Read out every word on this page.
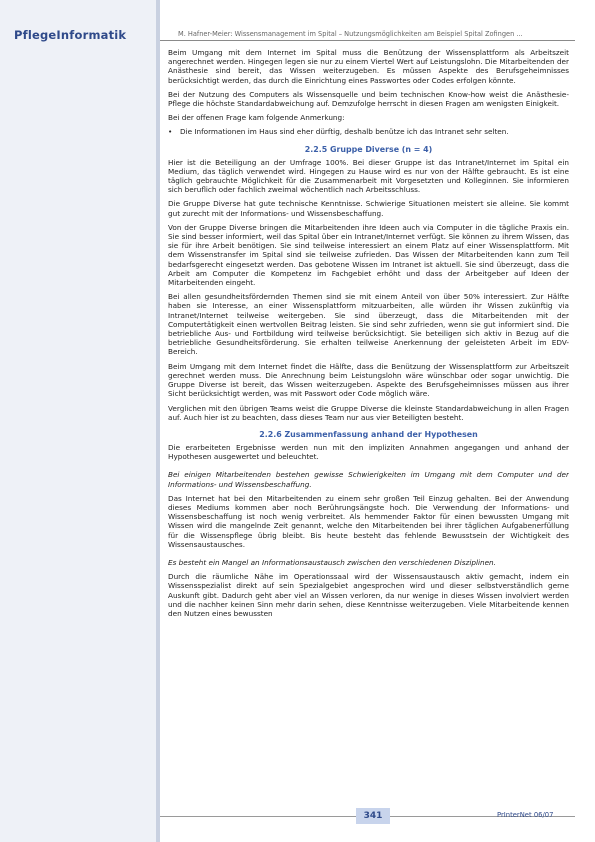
PflegeInformatik	M. Hafner-Meier: Wissensmanagement im Spital – Nutzungsmöglichkeiten am Beispiel Spital Zofingen ...

Beim Umgang mit dem Internet im Spital muss die Benützung der Wissensplattform als Arbeitszeit angerechnet werden. Hingegen legen sie nur zu einem Viertel Wert auf Leistungslohn. Die Mitarbeitenden der Anästhesie sind bereit, das Wissen weiterzugeben. Es müssen Aspekte des Berufsgeheimnisses berücksichtigt werden, das durch die Einrichtung eines Passwortes oder Codes erfolgen könnte.

Bei der Nutzung des Computers als Wissensquelle und beim technischen Know-how weist die Anästhesie-Pflege die höchste Standardabweichung auf. Demzufolge herrscht in diesen Fragen am wenigsten Einigkeit.

Bei der offenen Frage kam folgende Anmerkung:

•	Die Informationen im Haus sind eher dürftig, deshalb benütze ich das Intranet sehr selten.
2.2.5 Gruppe Diverse (n = 4)

Hier ist die Beteiligung an der Umfrage 100%. Bei dieser Gruppe ist das Intranet/Internet im Spital ein Medium, das täglich verwendet wird. Hingegen zu Hause wird es nur von der Hälfte gebraucht. Es ist eine täglich gebrauchte Möglichkeit für die Zusammenarbeit mit Vorgesetzten und Kolleginnen. Sie informieren sich beruflich oder fachlich zweimal wöchentlich nach Arbeitsschluss.

Die Gruppe Diverse hat gute technische Kenntnisse. Schwierige Situationen meistert sie alleine. Sie kommt gut zurecht mit der Informations- und Wissensbeschaffung.

Von der Gruppe Diverse bringen die Mitarbeitenden ihre Ideen auch via Computer in die tägliche Praxis ein. Sie sind besser informiert, weil das Spital über ein Intranet/Internet verfügt. Sie können zu ihrem Wissen, das sie für ihre Arbeit benötigen. Sie sind teilweise interessiert an einem Platz auf einer Wissensplattform. Mit dem Wissenstransfer im Spital sind sie teilweise zufrieden. Das Wissen der Mitarbeitenden kann zum Teil bedarfsgerecht eingesetzt werden. Das gebotene Wissen im Intranet ist aktuell. Sie sind überzeugt, dass die Arbeit am Computer die Kompetenz im Fachgebiet erhöht und dass der Arbeitgeber auf Ideen der Mitarbeitenden eingeht.

Bei allen gesundheitsfördernden Themen sind sie mit einem Anteil von über 50% interessiert. Zur Hälfte haben sie Interesse, an einer Wissensplattform mitzuarbeiten, alle würden ihr Wissen zukünftig via Intranet/Internet teilweise weitergeben. Sie sind überzeugt, dass die Mitarbeitenden mit der Computertätigkeit einen wertvollen Beitrag leisten. Sie sind sehr zufrieden, wenn sie gut informiert sind. Die betriebliche Aus- und Fortbildung wird teilweise berücksichtigt. Sie beteiligen sich aktiv in Bezug auf die betriebliche Gesundheitsförderung. Sie erhalten teilweise Anerkennung der geleisteten Arbeit im EDV-Bereich.

Beim Umgang mit dem Internet findet die Hälfte, dass die Benützung der Wissensplattform zur Arbeitszeit gerechnet werden muss. Die Anrechnung beim Leistungslohn wäre wünschbar oder sogar unwichtig. Die Gruppe Diverse ist bereit, das Wissen weiterzugeben. Aspekte des Berufsgeheimnisses müssen aus ihrer Sicht berücksichtigt werden, was mit Passwort oder Code möglich wäre.

Verglichen mit den übrigen Teams weist die Gruppe Diverse die kleinste Standardabweichung in allen Fragen auf. Auch hier ist zu beachten, dass dieses Team nur aus vier Beteiligten besteht.

2.2.6 Zusammenfassung anhand der Hypothesen

Die erarbeiteten Ergebnisse werden nun mit den impliziten Annahmen angegangen und anhand der Hypothesen ausgewertet und beleuchtet.

Bei einigen Mitarbeitenden bestehen gewisse Schwierigkeiten im Umgang mit dem Computer und der Informations- und Wissensbeschaffung.

Das Internet hat bei den Mitarbeitenden zu einem sehr großen Teil Einzug gehalten. Bei der Anwendung dieses Mediums kommen aber noch Berührungsängste hoch. Die Verwendung der Informations- und Wissensbeschaffung ist noch wenig verbreitet. Als hemmender Faktor für einen bewussten Umgang mit Wissen wird die mangelnde Zeit genannt, welche den Mitarbeitenden bei ihrer täglichen Aufgabenerfüllung für die Wissenspflege übrig bleibt. Bis heute besteht das fehlende Bewusstsein der Wichtigkeit des Wissensaustausches.

Es besteht ein Mangel an Informationsaustausch zwischen den verschiedenen Disziplinen.

Durch die räumliche Nähe im Operationssaal wird der Wissensaustausch aktiv gemacht, indem ein Wissensspezialist direkt auf sein Spezialgebiet angesprochen wird und dieser selbstverständlich gerne Auskunft gibt. Dadurch geht aber viel an Wissen verloren, da nur wenige in dieses Wissen involviert werden und die nachher keinen Sinn mehr darin sehen, diese Kenntnisse weiterzugeben. Viele Mitarbeitende kennen den Nutzen eines bewussten

341	PrInterNet 06/07
